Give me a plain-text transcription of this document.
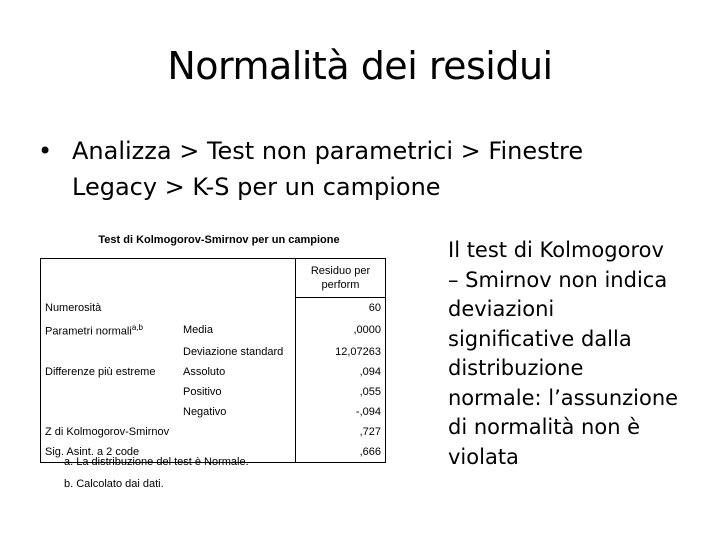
Normalità dei residui
• Analizza > Test non parametrici > Finestre
Legacy > K-S per un campione
Test di Kolmogorov-Smirnov per un campione
		Residuo per
perform
Numerosità		60
Parametri normali$^{a,b}$	Media	,0000
	Deviazione standard	12,07263
Differenze più estreme	Assoluto	,094
	Positivo	,055
	Negativo	-,094
Z di Kolmogorov-Smirnov		,727
Sig. Asint. a 2 code		,666
a. La distribuzione del test è Normale.
b. Calcolato dai dati.
Il test di Kolmogorov
– Smirnov non indica
deviazioni
significative dalla
distribuzione
normale: l’assunzione
di normalità non è
violata
